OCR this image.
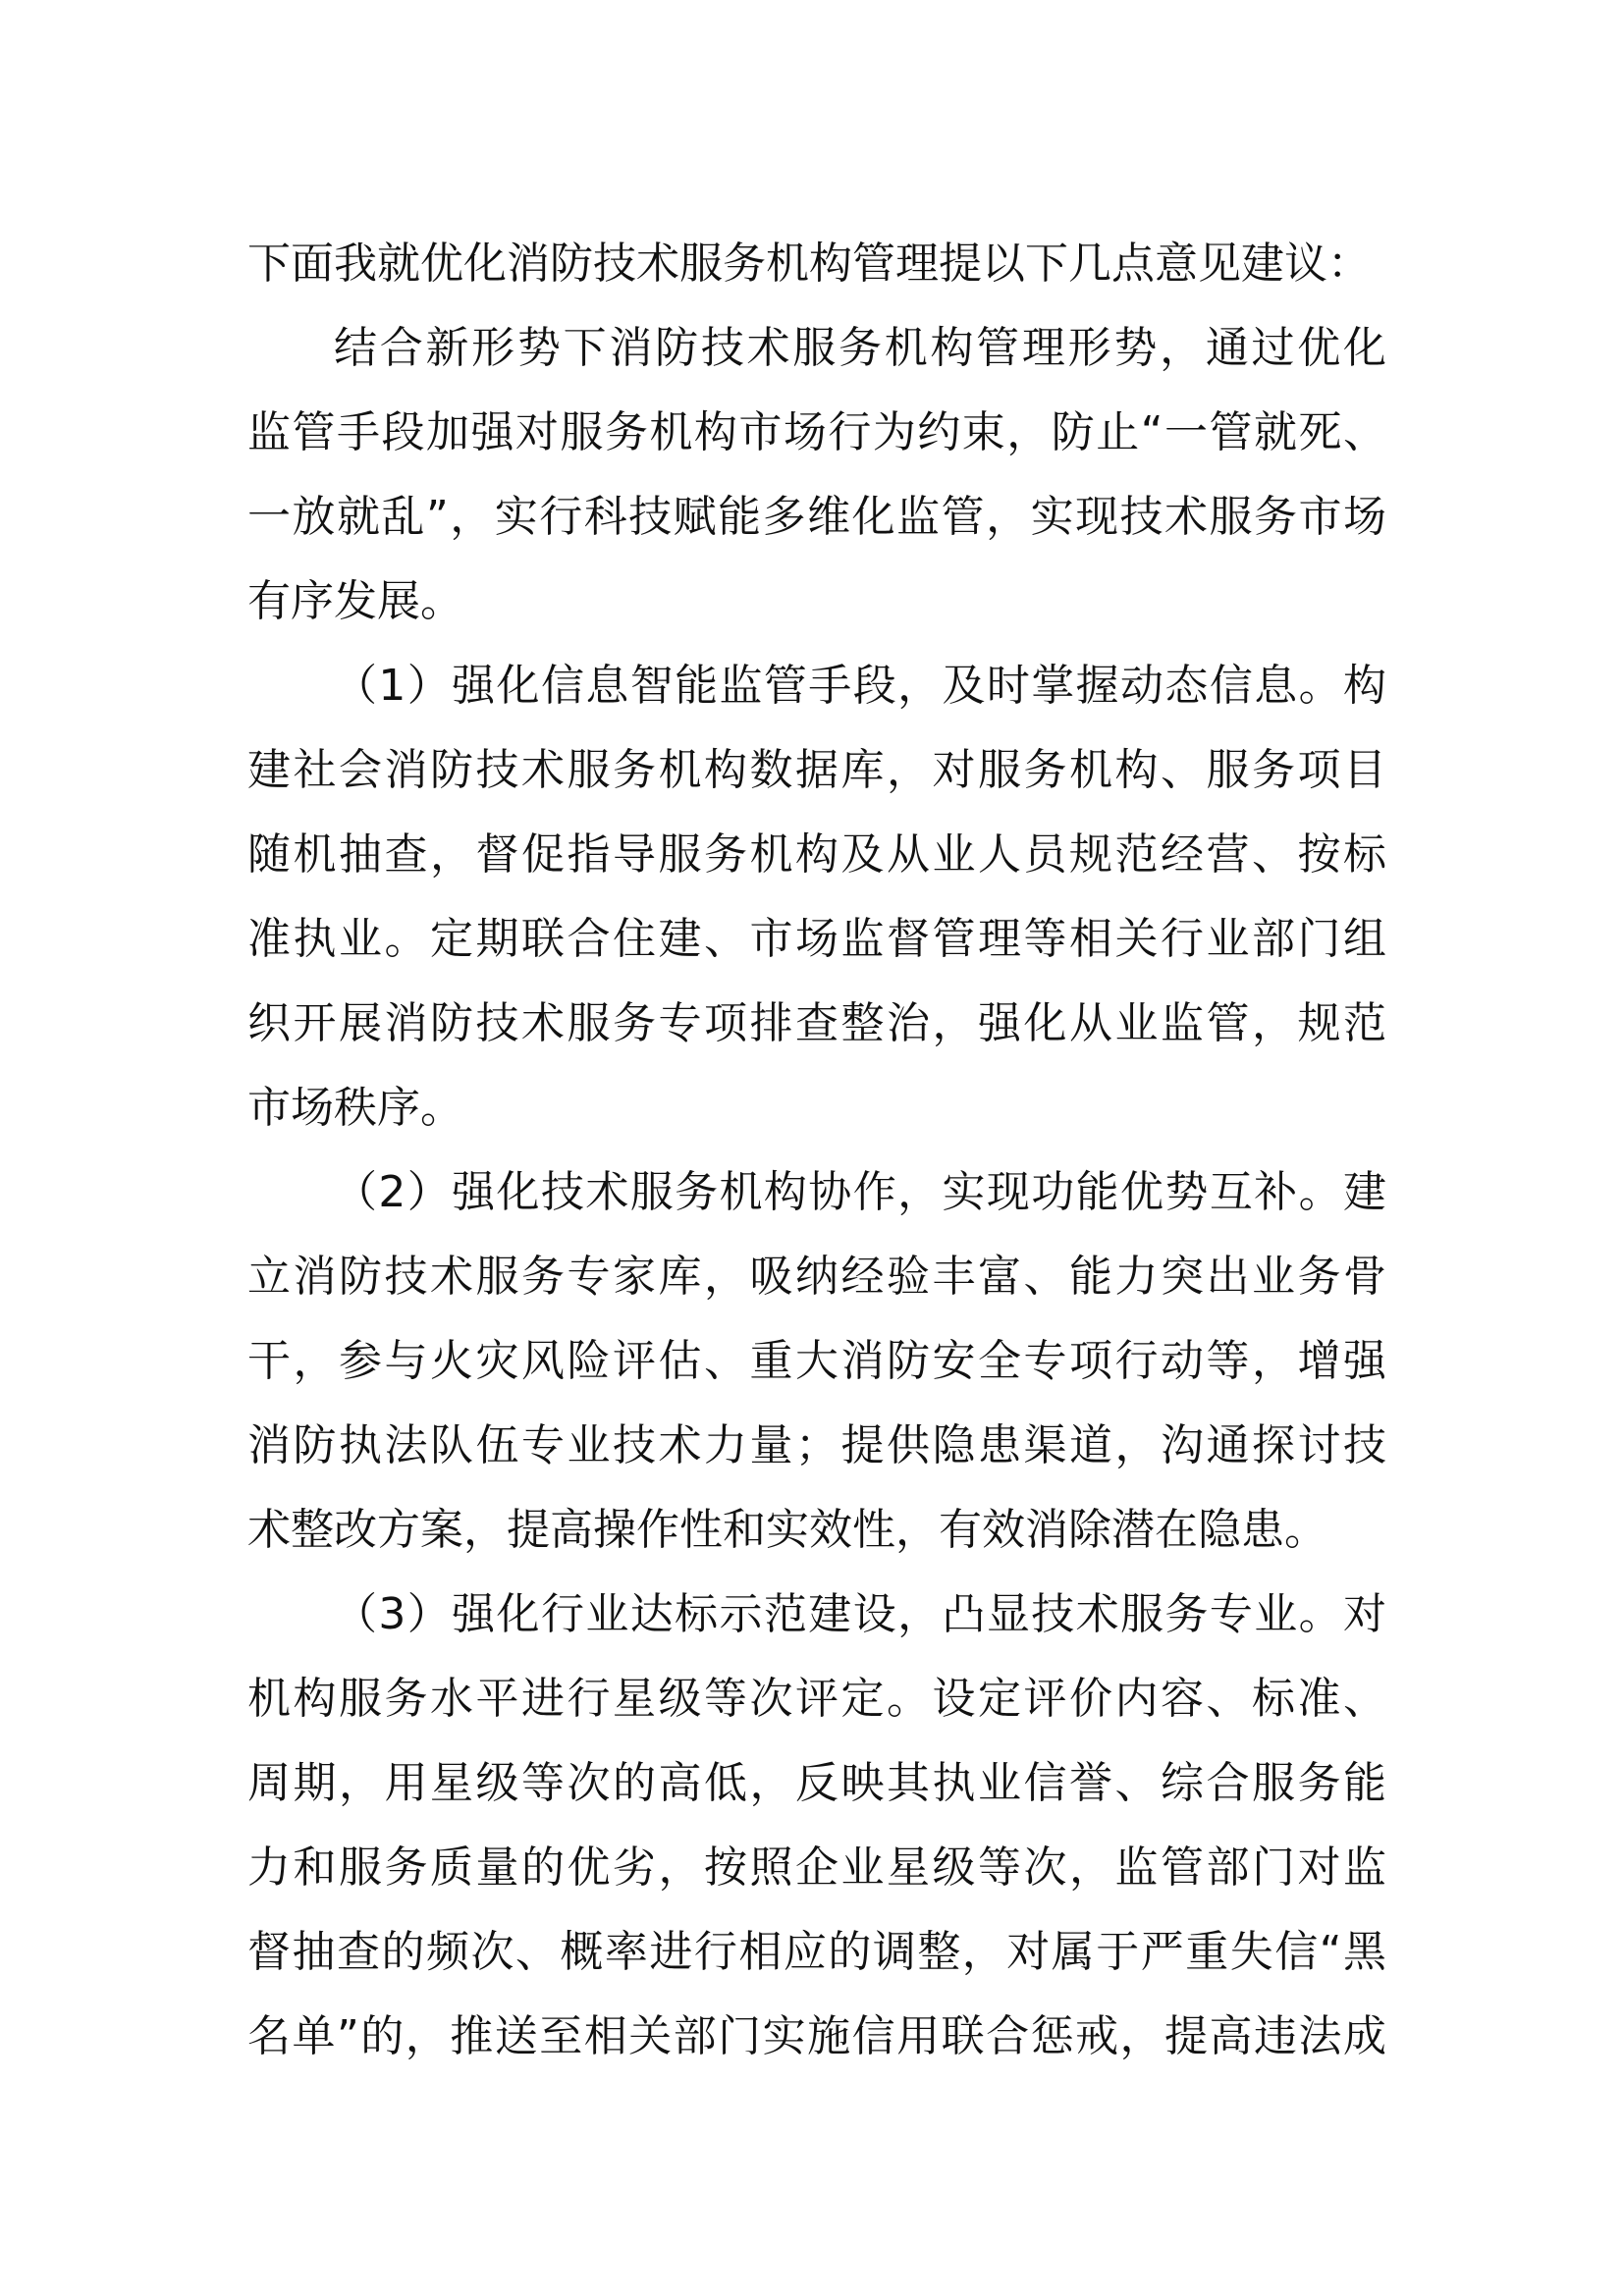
下面我就优化消防技术服务机构管理提以下几点意见建议：
结合新形势下消防技术服务机构管理形势，通过优化
监管手段加强对服务机构市场行为约束，防止“一管就死、
一放就乱”，实行科技赋能多维化监管，实现技术服务市场
有序发展。
（1）强化信息智能监管手段，及时掌握动态信息。构
建社会消防技术服务机构数据库，对服务机构、服务项目
随机抽查，督促指导服务机构及从业人员规范经营、按标
准执业。定期联合住建、市场监督管理等相关行业部门组
织开展消防技术服务专项排查整治，强化从业监管，规范
市场秩序。
（2）强化技术服务机构协作，实现功能优势互补。建
立消防技术服务专家库，吸纳经验丰富、能力突出业务骨
干，参与火灾风险评估、重大消防安全专项行动等，增强
消防执法队伍专业技术力量；提供隐患渠道，沟通探讨技
术整改方案，提高操作性和实效性，有效消除潜在隐患。
（3）强化行业达标示范建设，凸显技术服务专业。对
机构服务水平进行星级等次评定。设定评价内容、标准、
周期，用星级等次的高低，反映其执业信誉、综合服务能
力和服务质量的优劣，按照企业星级等次，监管部门对监
督抽查的频次、概率进行相应的调整，对属于严重失信“黑
名单”的，推送至相关部门实施信用联合惩戒，提高违法成
